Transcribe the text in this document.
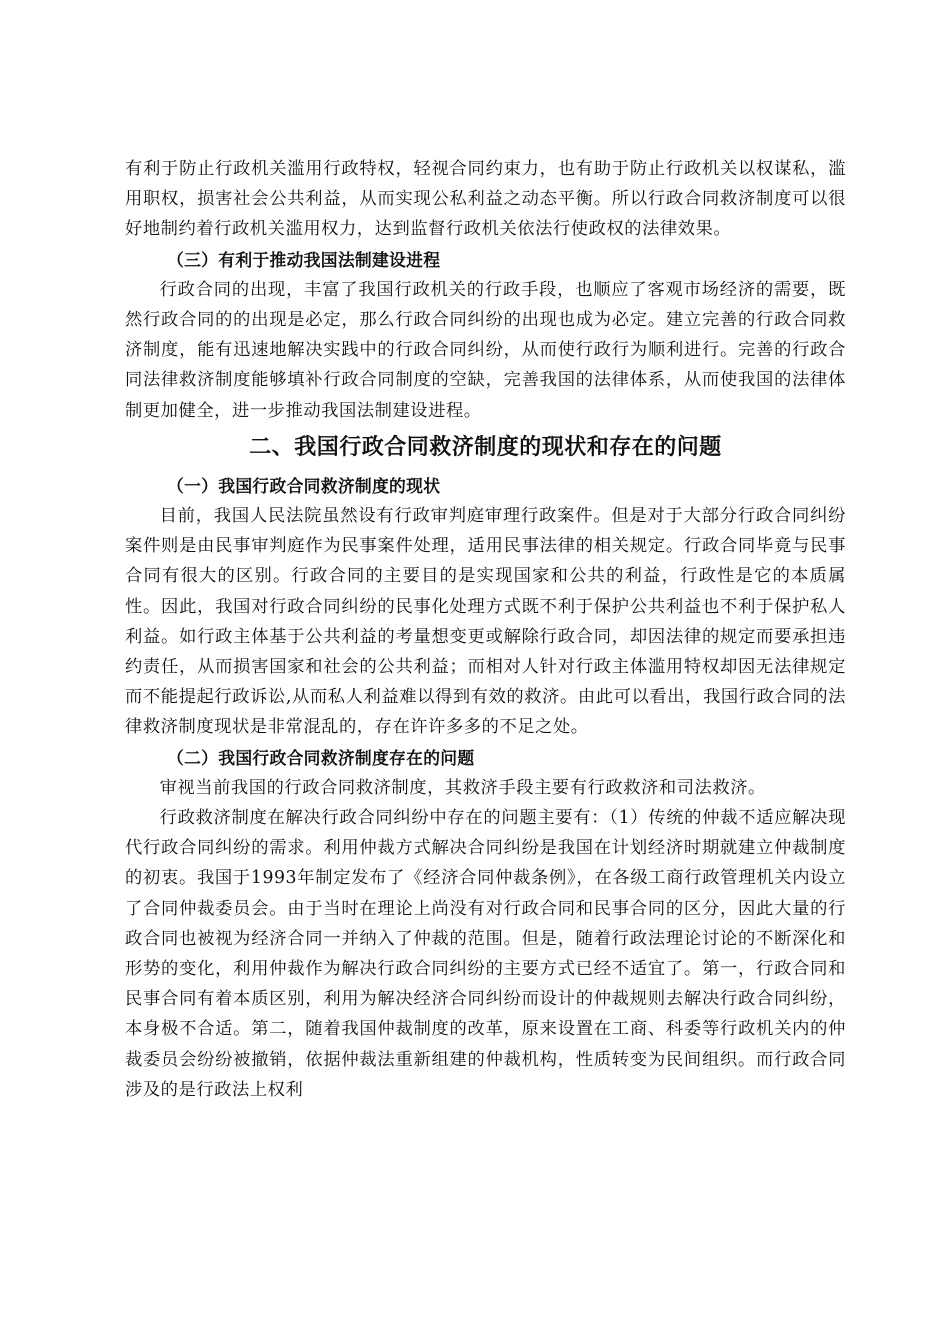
有利于防止行政机关滥用行政特权，轻视合同约束力，也有助于防止行政机关以权谋私，滥用职权，损害社会公共利益，从而实现公私利益之动态平衡。所以行政合同救济制度可以很好地制约着行政机关滥用权力，达到监督行政机关依法行使政权的法律效果。

（三）有利于推动我国法制建设进程

行政合同的出现，丰富了我国行政机关的行政手段，也顺应了客观市场经济的需要，既然行政合同的的出现是必定，那么行政合同纠纷的出现也成为必定。建立完善的行政合同救济制度，能有迅速地解决实践中的行政合同纠纷，从而使行政行为顺利进行。完善的行政合同法律救济制度能够填补行政合同制度的空缺，完善我国的法律体系，从而使我国的法律体制更加健全，进一步推动我国法制建设进程。

二、我国行政合同救济制度的现状和存在的问题

（一）我国行政合同救济制度的现状

目前，我国人民法院虽然设有行政审判庭审理行政案件。但是对于大部分行政合同纠纷案件则是由民事审判庭作为民事案件处理，适用民事法律的相关规定。行政合同毕竟与民事合同有很大的区别。行政合同的主要目的是实现国家和公共的利益，行政性是它的本质属性。因此，我国对行政合同纠纷的民事化处理方式既不利于保护公共利益也不利于保护私人利益。如行政主体基于公共利益的考量想变更或解除行政合同，却因法律的规定而要承担违约责任，从而损害国家和社会的公共利益；而相对人针对行政主体滥用特权却因无法律规定而不能提起行政诉讼,从而私人利益难以得到有效的救济。由此可以看出，我国行政合同的法律救济制度现状是非常混乱的，存在许许多多的不足之处。

（二）我国行政合同救济制度存在的问题

审视当前我国的行政合同救济制度，其救济手段主要有行政救济和司法救济。

行政救济制度在解决行政合同纠纷中存在的问题主要有：（1）传统的仲裁不适应解决现代行政合同纠纷的需求。利用仲裁方式解决合同纠纷是我国在计划经济时期就建立仲裁制度的初衷。我国于1993年制定发布了《经济合同仲裁条例》，在各级工商行政管理机关内设立了合同仲裁委员会。由于当时在理论上尚没有对行政合同和民事合同的区分，因此大量的行政合同也被视为经济合同一并纳入了仲裁的范围。但是，随着行政法理论讨论的不断深化和形势的变化，利用仲裁作为解决行政合同纠纷的主要方式已经不适宜了。第一，行政合同和民事合同有着本质区别，利用为解决经济合同纠纷而设计的仲裁规则去解决行政合同纠纷，本身极不合适。第二，随着我国仲裁制度的改革，原来设置在工商、科委等行政机关内的仲裁委员会纷纷被撤销，依据仲裁法重新组建的仲裁机构，性质转变为民间组织。而行政合同涉及的是行政法上权利
